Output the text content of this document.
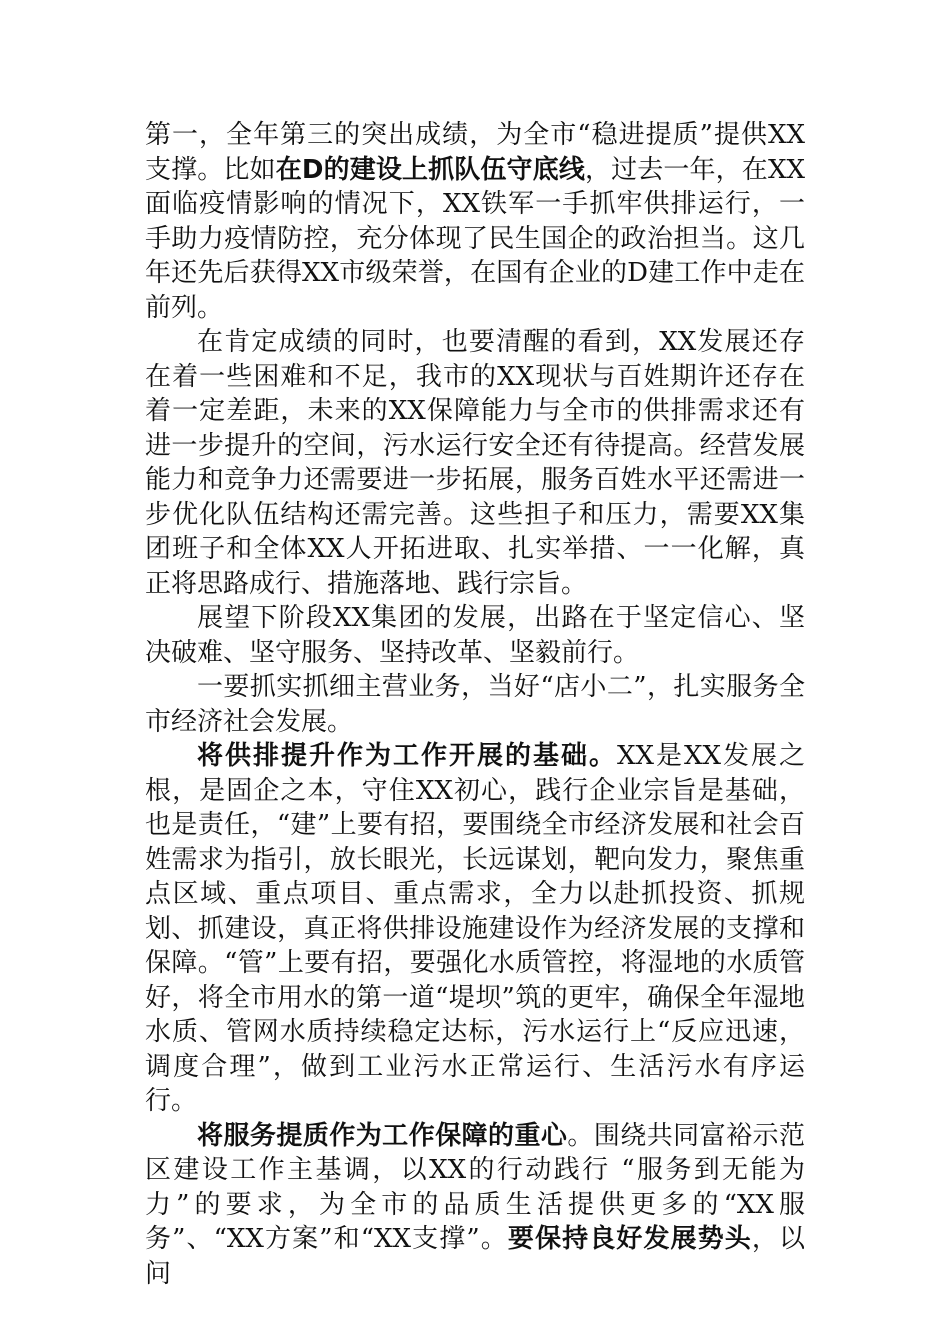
第一，全年第三的突出成绩，为全市“稳进提质”提供XX支撑。比如在D的建设上抓队伍守底线，过去一年，在XX面临疫情影响的情况下，XX铁军一手抓牢供排运行，一手助力疫情防控，充分体现了民生国企的政治担当。这几年还先后获得XX市级荣誉，在国有企业的D建工作中走在前列。

在肯定成绩的同时，也要清醒的看到，XX发展还存在着一些困难和不足，我市的XX现状与百姓期许还存在着一定差距，未来的XX保障能力与全市的供排需求还有进一步提升的空间，污水运行安全还有待提高。经营发展能力和竞争力还需要进一步拓展，服务百姓水平还需进一步优化队伍结构还需完善。这些担子和压力，需要XX集团班子和全体XX人开拓进取、扎实举措、一一化解，真正将思路成行、措施落地、践行宗旨。

展望下阶段XX集团的发展，出路在于坚定信心、坚决破难、坚守服务、坚持改革、坚毅前行。

一要抓实抓细主营业务，当好“店小二”，扎实服务全市经济社会发展。

将供排提升作为工作开展的基础。XX是XX发展之根，是固企之本，守住XX初心，践行企业宗旨是基础，也是责任，“建”上要有招，要围绕全市经济发展和社会百姓需求为指引，放长眼光，长远谋划，靶向发力，聚焦重点区域、重点项目、重点需求，全力以赴抓投资、抓规划、抓建设，真正将供排设施建设作为经济发展的支撑和保障。“管”上要有招，要强化水质管控，将湿地的水质管好，将全市用水的第一道“堤坝”筑的更牢，确保全年湿地水质、管网水质持续稳定达标，污水运行上“反应迅速，调度合理”，做到工业污水正常运行、生活污水有序运行。

将服务提质作为工作保障的重心。围绕共同富裕示范区建设工作主基调，以XX的行动践行 “服务到无能为力”的要求，为全市的品质生活提供更多的“XX服务”、“XX方案”和“XX支撑”。要保持良好发展势头，以问
